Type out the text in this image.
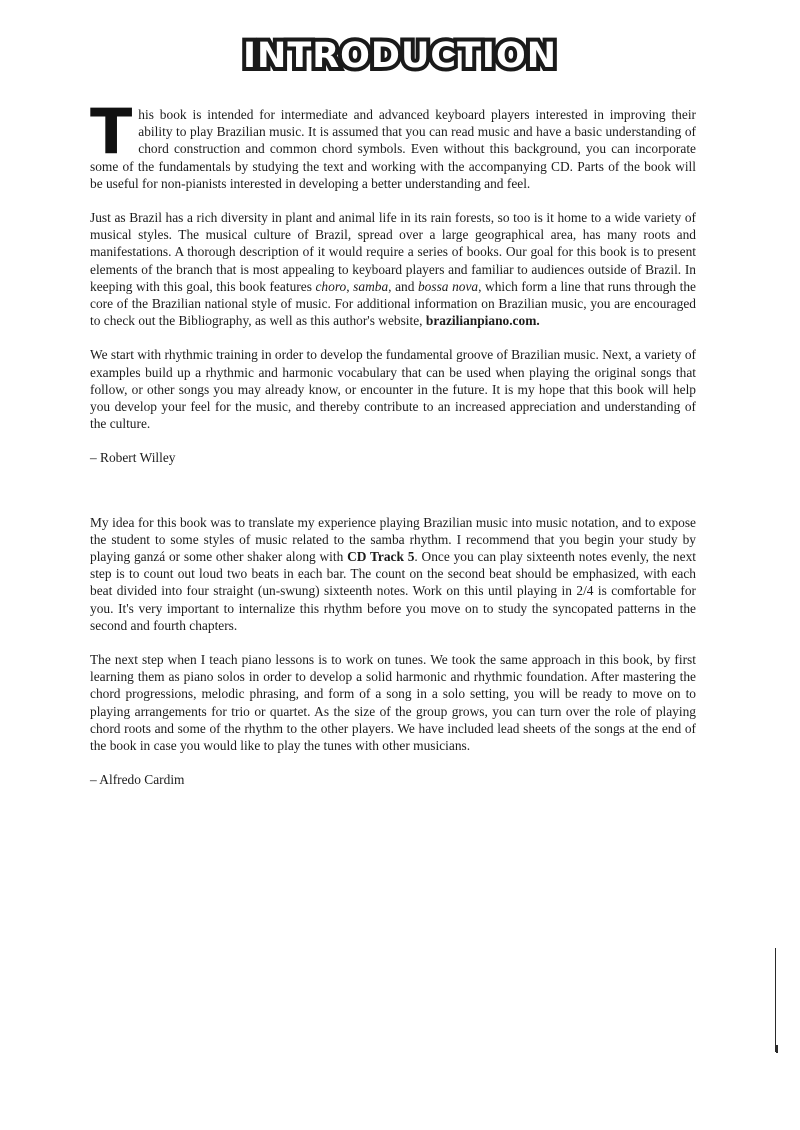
INTRODUCTION

This book is intended for intermediate and advanced keyboard players interested in improving their ability to play Brazilian music. It is assumed that you can read music and have a basic understanding of chord construction and common chord symbols. Even without this background, you can incorporate some of the fundamentals by studying the text and working with the accompanying CD. Parts of the book will be useful for non-pianists interested in developing a better understanding and feel.

Just as Brazil has a rich diversity in plant and animal life in its rain forests, so too is it home to a wide variety of musical styles. The musical culture of Brazil, spread over a large geographical area, has many roots and manifestations. A thorough description of it would require a series of books. Our goal for this book is to present elements of the branch that is most appealing to keyboard players and familiar to audiences outside of Brazil. In keeping with this goal, this book features choro, samba, and bossa nova, which form a line that runs through the core of the Brazilian national style of music. For additional information on Brazilian music, you are encouraged to check out the Bibliography, as well as this author's website, brazilianpiano.com.

We start with rhythmic training in order to develop the fundamental groove of Brazilian music. Next, a variety of examples build up a rhythmic and harmonic vocabulary that can be used when playing the original songs that follow, or other songs you may already know, or encounter in the future. It is my hope that this book will help you develop your feel for the music, and thereby contribute to an increased appreciation and understanding of the culture.

– Robert Willey

My idea for this book was to translate my experience playing Brazilian music into music notation, and to expose the student to some styles of music related to the samba rhythm. I recommend that you begin your study by playing ganzá or some other shaker along with CD Track 5. Once you can play sixteenth notes evenly, the next step is to count out loud two beats in each bar. The count on the second beat should be emphasized, with each beat divided into four straight (un-swung) sixteenth notes. Work on this until playing in 2/4 is comfortable for you. It's very important to internalize this rhythm before you move on to study the syncopated patterns in the second and fourth chapters.

The next step when I teach piano lessons is to work on tunes. We took the same approach in this book, by first learning them as piano solos in order to develop a solid harmonic and rhythmic foundation. After mastering the chord progressions, melodic phrasing, and form of a song in a solo setting, you will be ready to move on to playing arrangements for trio or quartet. As the size of the group grows, you can turn over the role of playing chord roots and some of the rhythm to the other players. We have included lead sheets of the songs at the end of the book in case you would like to play the tunes with other musicians.

– Alfredo Cardim
